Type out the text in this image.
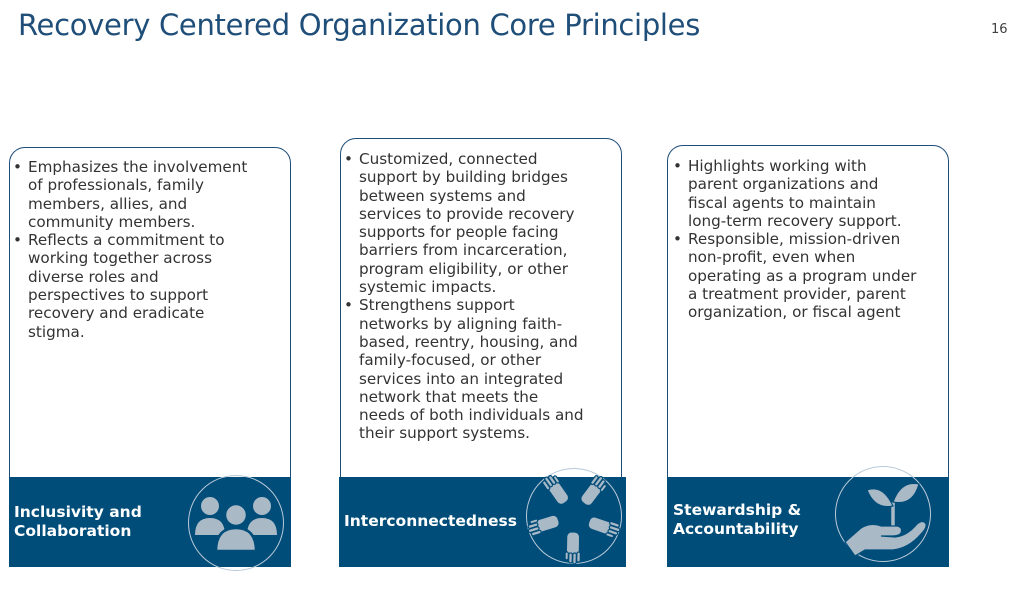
Recovery Centered Organization Core Principles	16
• Emphasizes the involvement
of professionals, family
members, allies, and
community members.
• Reflects a commitment to
working together across
diverse roles and
perspectives to support
recovery and eradicate
stigma.
Inclusivity and
Collaboration
• Customized, connected
support by building bridges
between systems and
services to provide recovery
supports for people facing
barriers from incarceration,
program eligibility, or other
systemic impacts.
• Strengthens support
networks by aligning faith-
based, reentry, housing, and
family-focused, or other
services into an integrated
network that meets the
needs of both individuals and
their support systems.
Interconnectedness
• Highlights working with
parent organizations and
fiscal agents to maintain
long-term recovery support.
• Responsible, mission-driven
non-profit, even when
operating as a program under
a treatment provider, parent
organization, or fiscal agent
Stewardship &
Accountability
